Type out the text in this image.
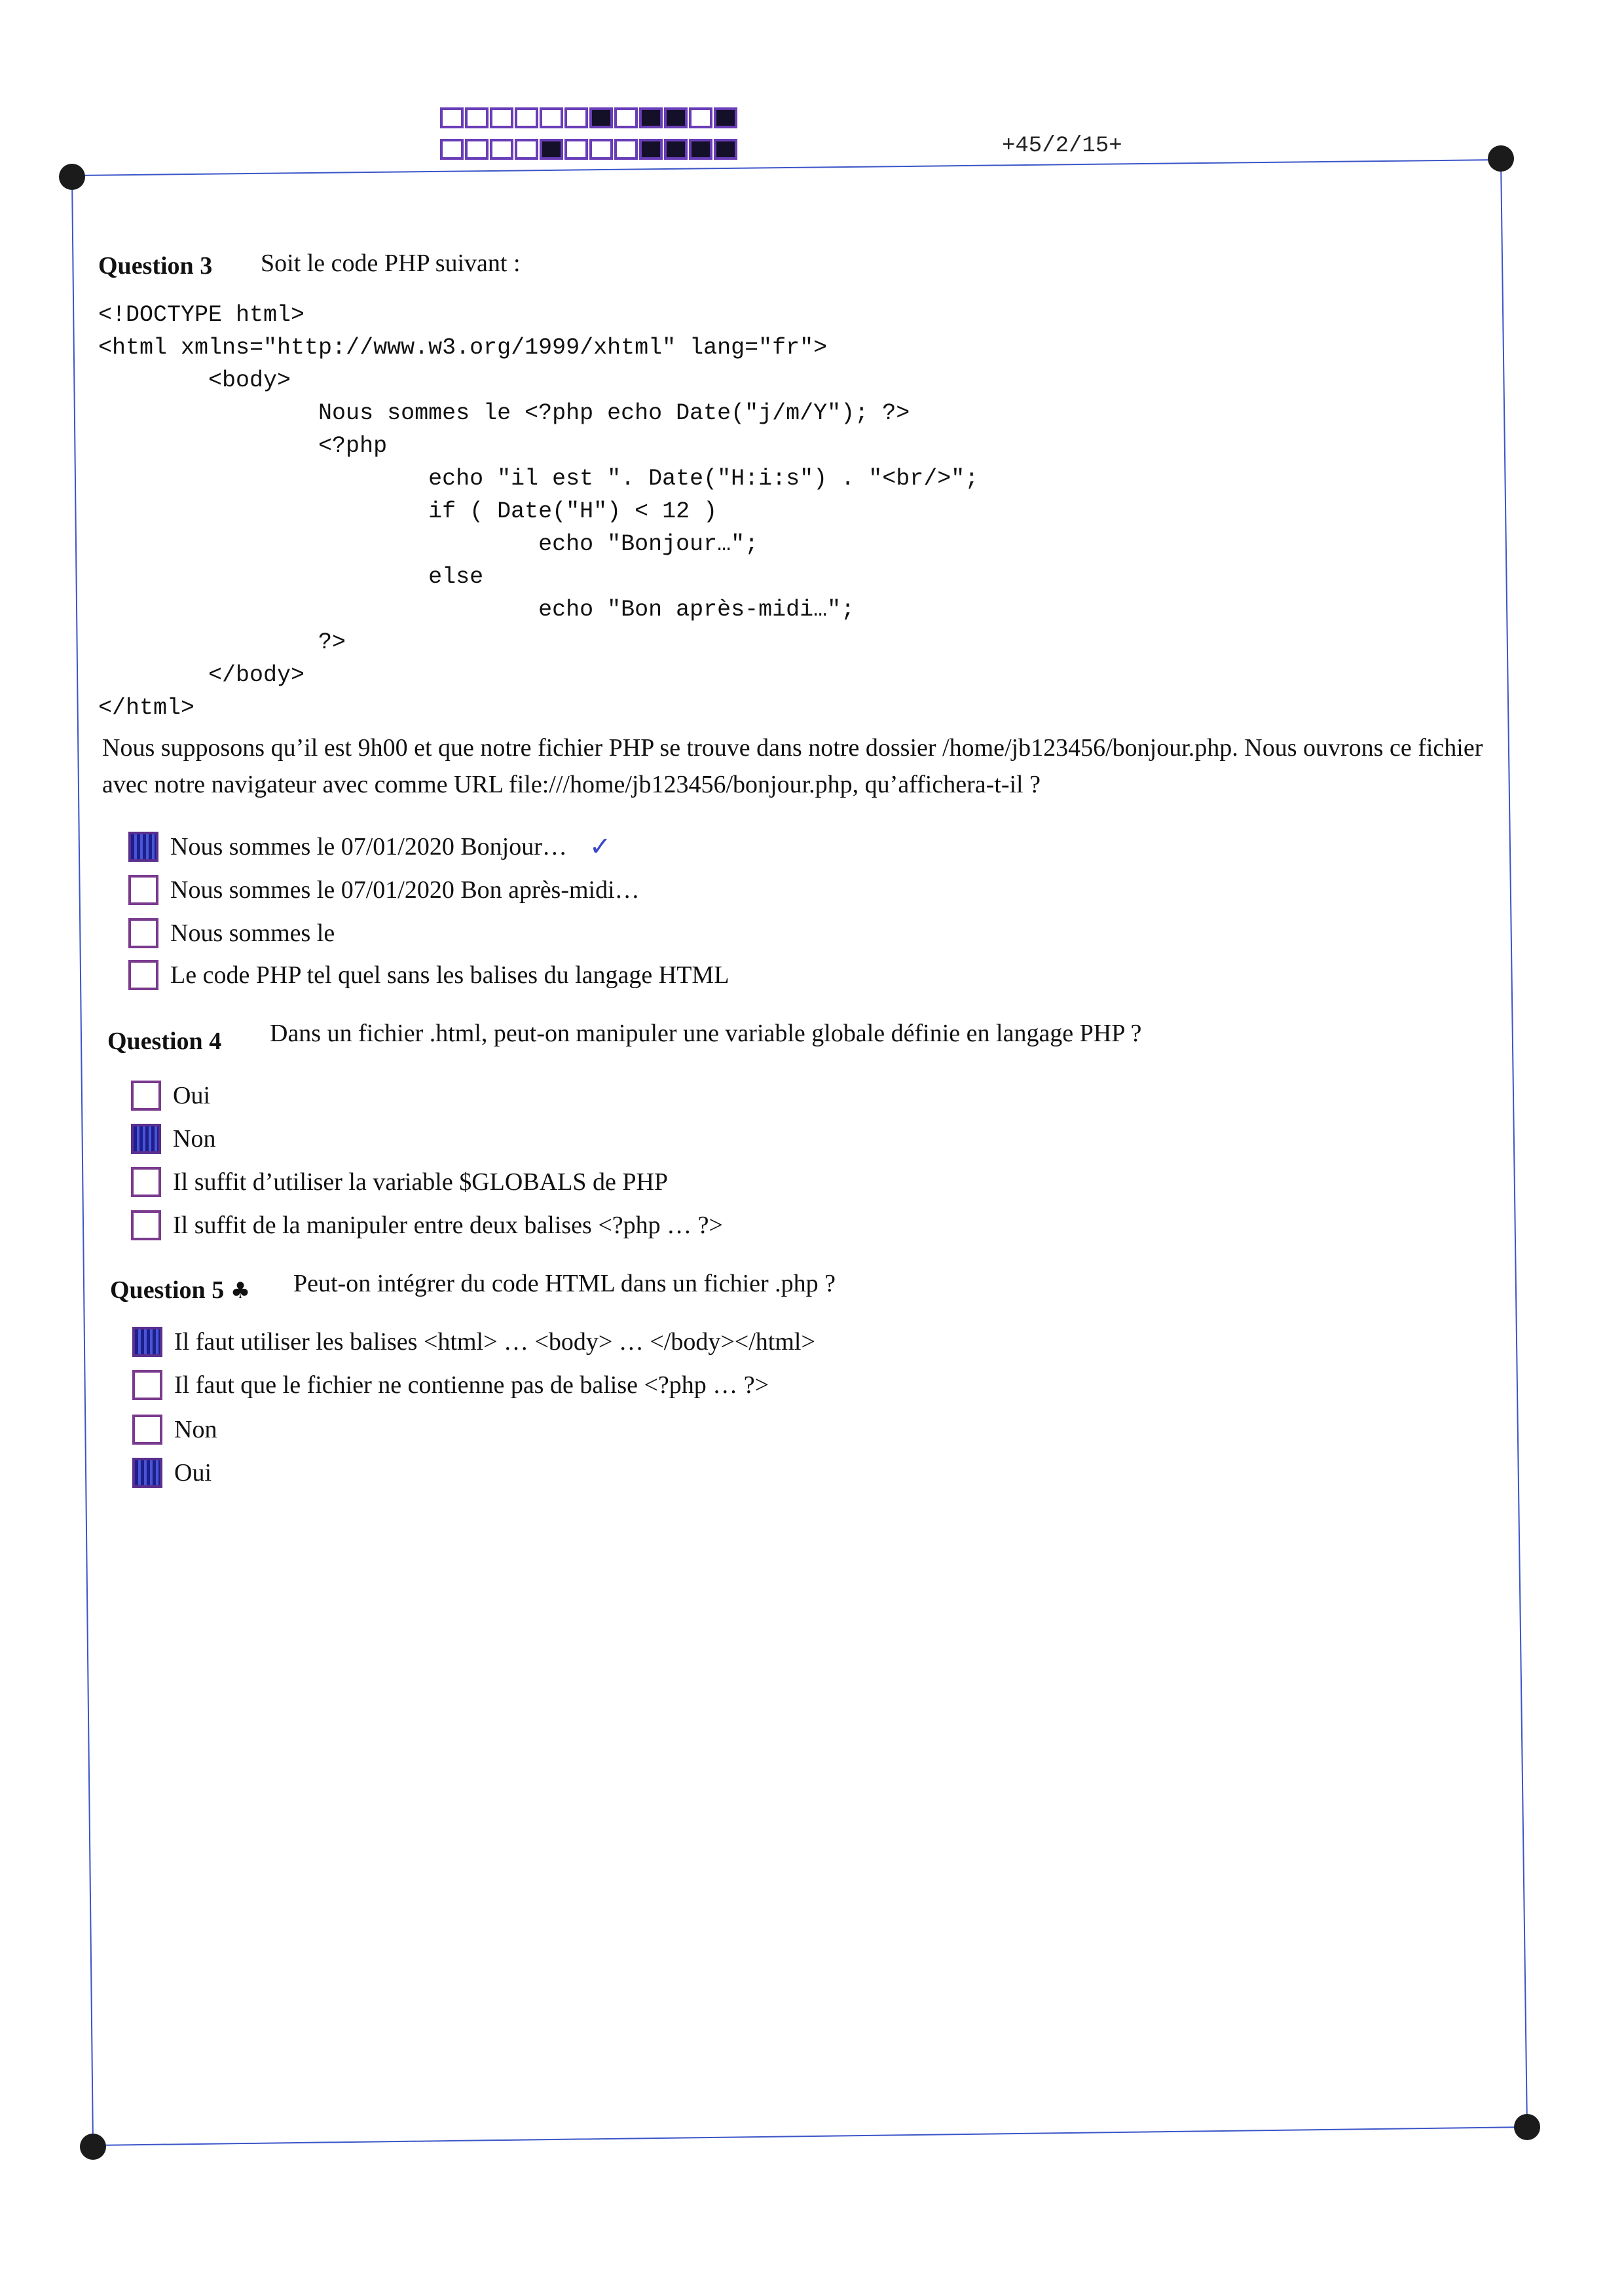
+45/2/15+
Question 3 Soit le code PHP suivant :
<!DOCTYPE html>
<html xmlns="http://www.w3.org/1999/xhtml" lang="fr">
<body>
Nous sommes le <?php echo Date("j/m/Y"); ?>
<?php
echo "il est ". Date("H:i:s") . "<br/>";
if ( Date("H") < 12 )
echo "Bonjour…";
else
echo "Bon après-midi…";
?>
</body>
</html>
Nous supposons qu’il est 9h00 et que notre fichier PHP se trouve dans notre dossier /home/jb123456/bonjour.php. Nous ouvrons ce fichier avec notre navigateur avec comme URL file:///home/jb123456/bonjour.php, qu’affichera-t-il ?
Nous sommes le 07/01/2020 Bonjour… ✓
Nous sommes le 07/01/2020 Bon après-midi…
Nous sommes le
Le code PHP tel quel sans les balises du langage HTML
Question 4 Dans un fichier .html, peut-on manipuler une variable globale définie en langage PHP ?
Oui
Non
Il suffit d’utiliser la variable $GLOBALS de PHP
Il suffit de la manipuler entre deux balises <?php … ?>
Question 5 ♣ Peut-on intégrer du code HTML dans un fichier .php ?
Il faut utiliser les balises <html> … <body> … </body></html>
Il faut que le fichier ne contienne pas de balise <?php … ?>
Non
Oui
